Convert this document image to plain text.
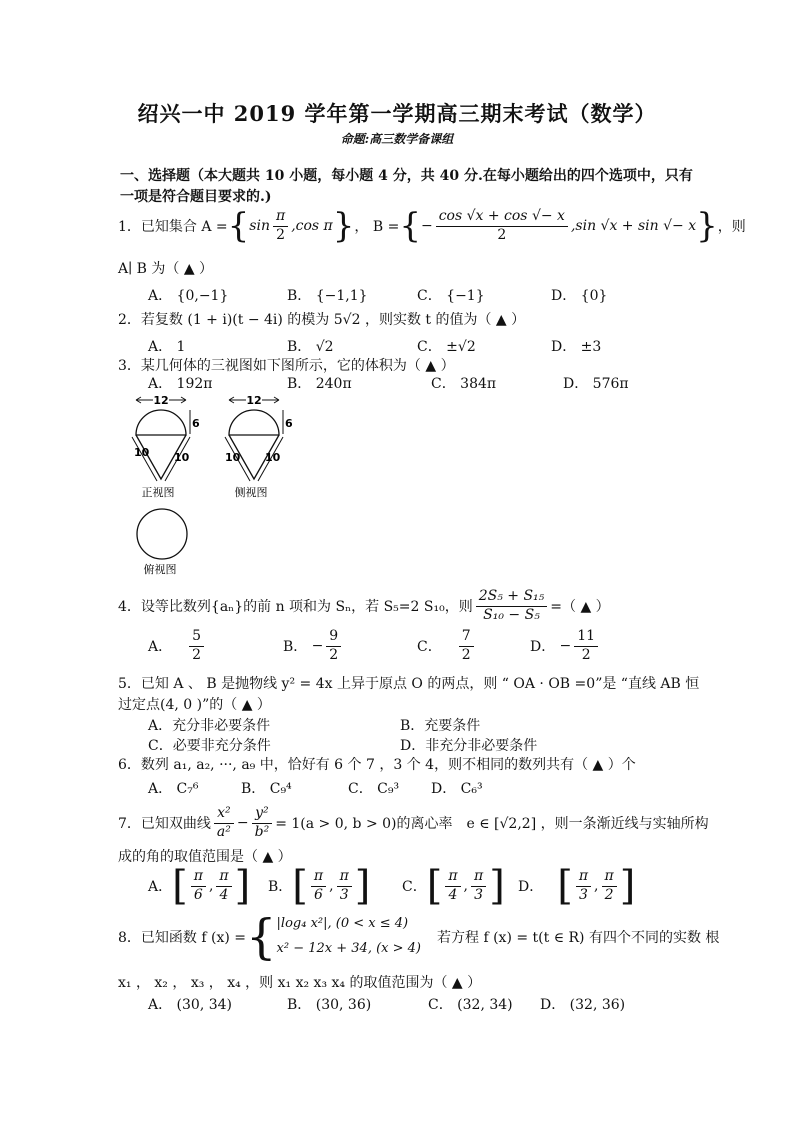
绍兴一中 2019 学年第一学期高三期末考试（数学）
命题:高三数学备课组
一、选择题（本大题共 10 小题，每小题 4 分，共 40 分.在每小题给出的四个选项中，只有
一项是符合题目要求的.)
1．已知集合 A = { $\sin \frac{\pi}{2} ,\cos$ π } ， B = { − $\frac{\cos √x + \cos √- x}{2} ,\sin$ √x + sin √− x } ，则
A∣ B 为（ ▲ ）
A． {0,−1}	B． {−1,1}	C． {−1}	D． {0}
2．若复数 (1 + i)(t − 4i) 的模为 5√2 ，则实数 t 的值为（ ▲ ）
A． 1	B． √2	C． ±√2	D． ±3
3．某几何体的三视图如下图所示，它的体积为（ ▲ ）
A． 192π	B． 240π	C． 384π	D． 576π
12
6
10 10
正视图
12
6
10 10
侧视图
俯视图
4．设等比数列{aₙ}的前 n 项和为 Sₙ，若 S₅=2 S₁₀，则 $\frac{\text{2S₅ + S₁₅}}{\text{S₁₀ − S₅}}$ =（ ▲ ）
A． $\frac{5}{2}$	B． − $\frac{9}{2}$	C． $\frac{7}{2}$	D． − $\frac{11}{2}$
5．已知 A 、 B 是抛物线 y² = 4x 上异于原点 O 的两点，则 “ OA · OB =0”是 “直线 AB 恒
过定点(4, 0 )”的（ ▲ ）
A．充分非必要条件	B．充要条件
C．必要非充分条件	D．非充分非必要条件
6．数列 a₁, a₂, ···, a₉ 中，恰好有 6 个 7 ，3 个 4，则不相同的数列共有（ ▲ ）个
A． C₇⁶	B． C₉⁴	C． C₉³ D． C₆³
7．已知双曲线 $\frac{\text{x²}}{\text{a²}} - \frac{\text{y²}}{\text{b²}} = 1(a > 0$, b > 0)的离心率 e ∈ [√2,2] ，则一条渐近线与实轴所构
成的角的取值范围是（ ▲ ）
A． [ $\frac{\pi}{6}$ , $\frac{\pi}{4}$ ] B． [ $\frac{\pi}{6}$ , $\frac{\pi}{3}$ ] C． [ $\frac{\pi}{4}$ , $\frac{\pi}{3}$ ] D． [ $\frac{\pi}{3}$ , $\frac{\pi}{2}$ ]
8．已知函数 f (x) = { |log₄ x²|, (0 < x ≤ 4)
x² − 12x + 34, (x > 4)
若方程 f (x) = t(t ∈ R) 有四个不同的实数 根
x₁ ， x₂ ， x₃ ， x₄ ，则 x₁ x₂ x₃ x₄ 的取值范围为（ ▲ ）
A． (30, 34)	B． (30, 36)	C． (32, 34) D． (32, 36)
